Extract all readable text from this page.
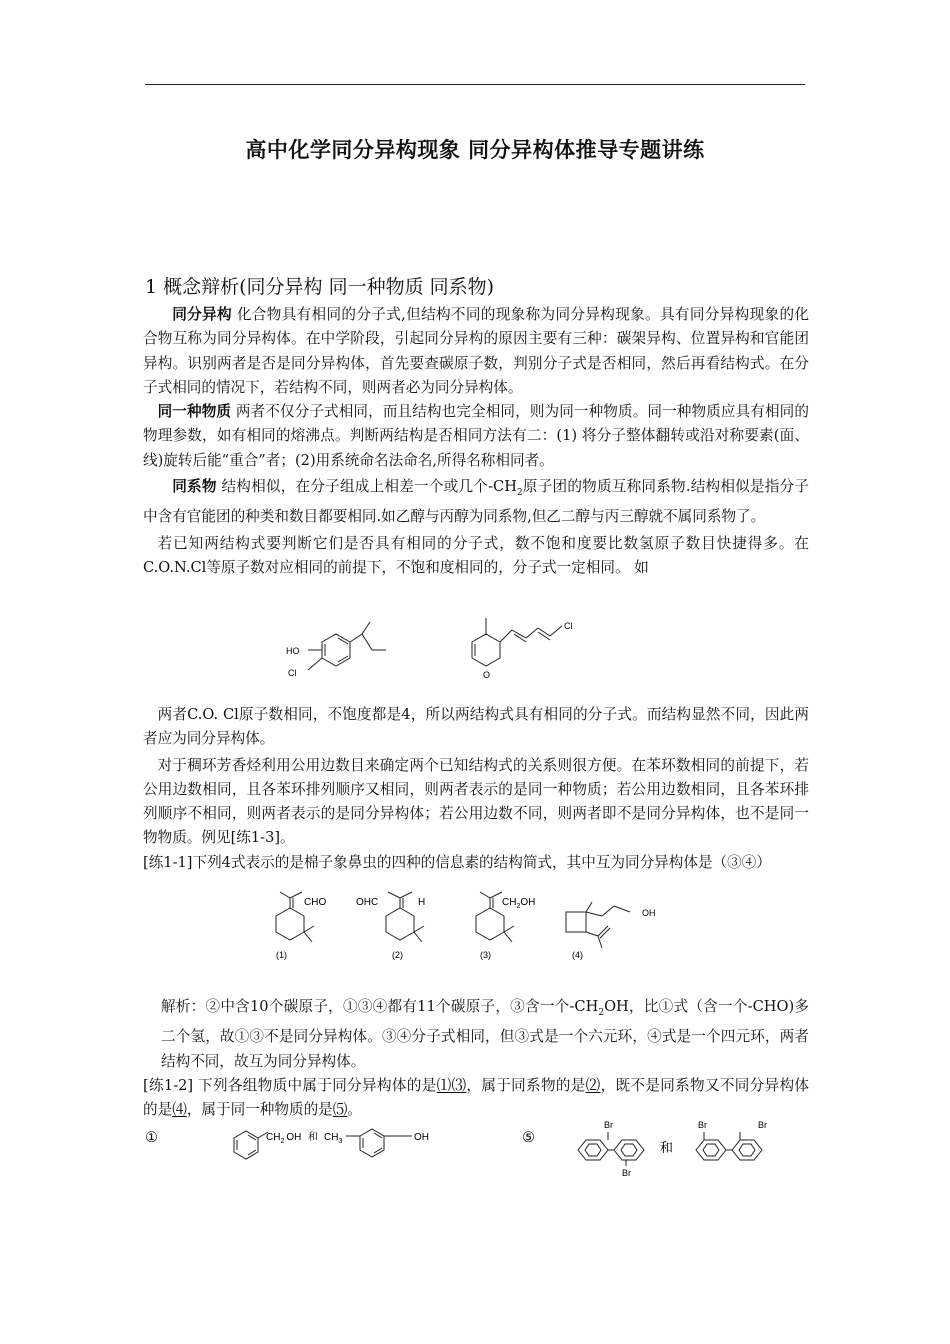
高中化学同分异构现象 同分异构体推导专题讲练
1 概念辩析(同分异构 同一种物质 同系物)

同分异构 化合物具有相同的分子式,但结构不同的现象称为同分异构现象。具有同分异构现象的化合物互称为同分异构体。在中学阶段，引起同分异构的原因主要有三种：碳架异构、位置异构和官能团异构。识别两者是否是同分异构体，首先要查碳原子数，判别分子式是否相同，然后再看结构式。在分子式相同的情况下，若结构不同，则两者必为同分异构体。

同一种物质 两者不仅分子式相同，而且结构也完全相同，则为同一种物质。同一种物质应具有相同的物理参数，如有相同的熔沸点。判断两结构是否相同方法有二：(1) 将分子整体翻转或沿对称要素(面、线)旋转后能“重合”者；(2)用系统命名法命名,所得名称相同者。

同系物 结构相似，在分子组成上相差一个或几个$-CH_2$原子团的物质互称同系物.结构相似是指分子中含有官能团的种类和数目都要相同.如乙醇与丙醇为同系物,但乙二醇与丙三醇就不属同系物了。

若已知两结构式要判断它们是否具有相同的分子式，数不饱和度要比数氢原子数目快捷得多。在C.O.N.Cl等原子数对应相同的前提下，不饱和度相同的，分子式一定相同。 如

HO
Cl
Cl
O

两者C.O. Cl原子数相同，不饱度都是4，所以两结构式具有相同的分子式。而结构显然不同，因此两者应为同分异构体。

对于稠环芳香烃利用公用边数目来确定两个已知结构式的关系则很方便。在苯环数相同的前提下，若公用边数相同，且各苯环排列顺序又相同，则两者表示的是同一种物质；若公用边数相同，且各苯环排列顺序不相同，则两者表示的是同分异构体；若公用边数不同，则两者即不是同分异构体，也不是同一物物质。例见[练1-3]。

[练1-1]下列4式表示的是棉子象鼻虫的四种的信息素的结构简式，其中互为同分异构体是（③④）

CHO
(1)
OHC	H
(2)
$CH_2OH$
(3)
OH
(4)

解析：②中含10个碳原子，①③④都有11个碳原子，③含一个$-CH_2OH$，比①式（含一个-CHO)多二个氢，故①③不是同分异构体。③④分子式相同，但③式是一个六元环，④式是一个四元环，两者结构不同，故互为同分异构体。

[练1-2] 下列各组物质中属于同分异构体的是⑴⑶，属于同系物的是⑵，既不是同系物又不同分异构体的是⑷，属于同一种物质的是⑸。

①	$CH_2$ OH 和 $CH_3$	OH	⑤
Br
Br
和
Br	Br
